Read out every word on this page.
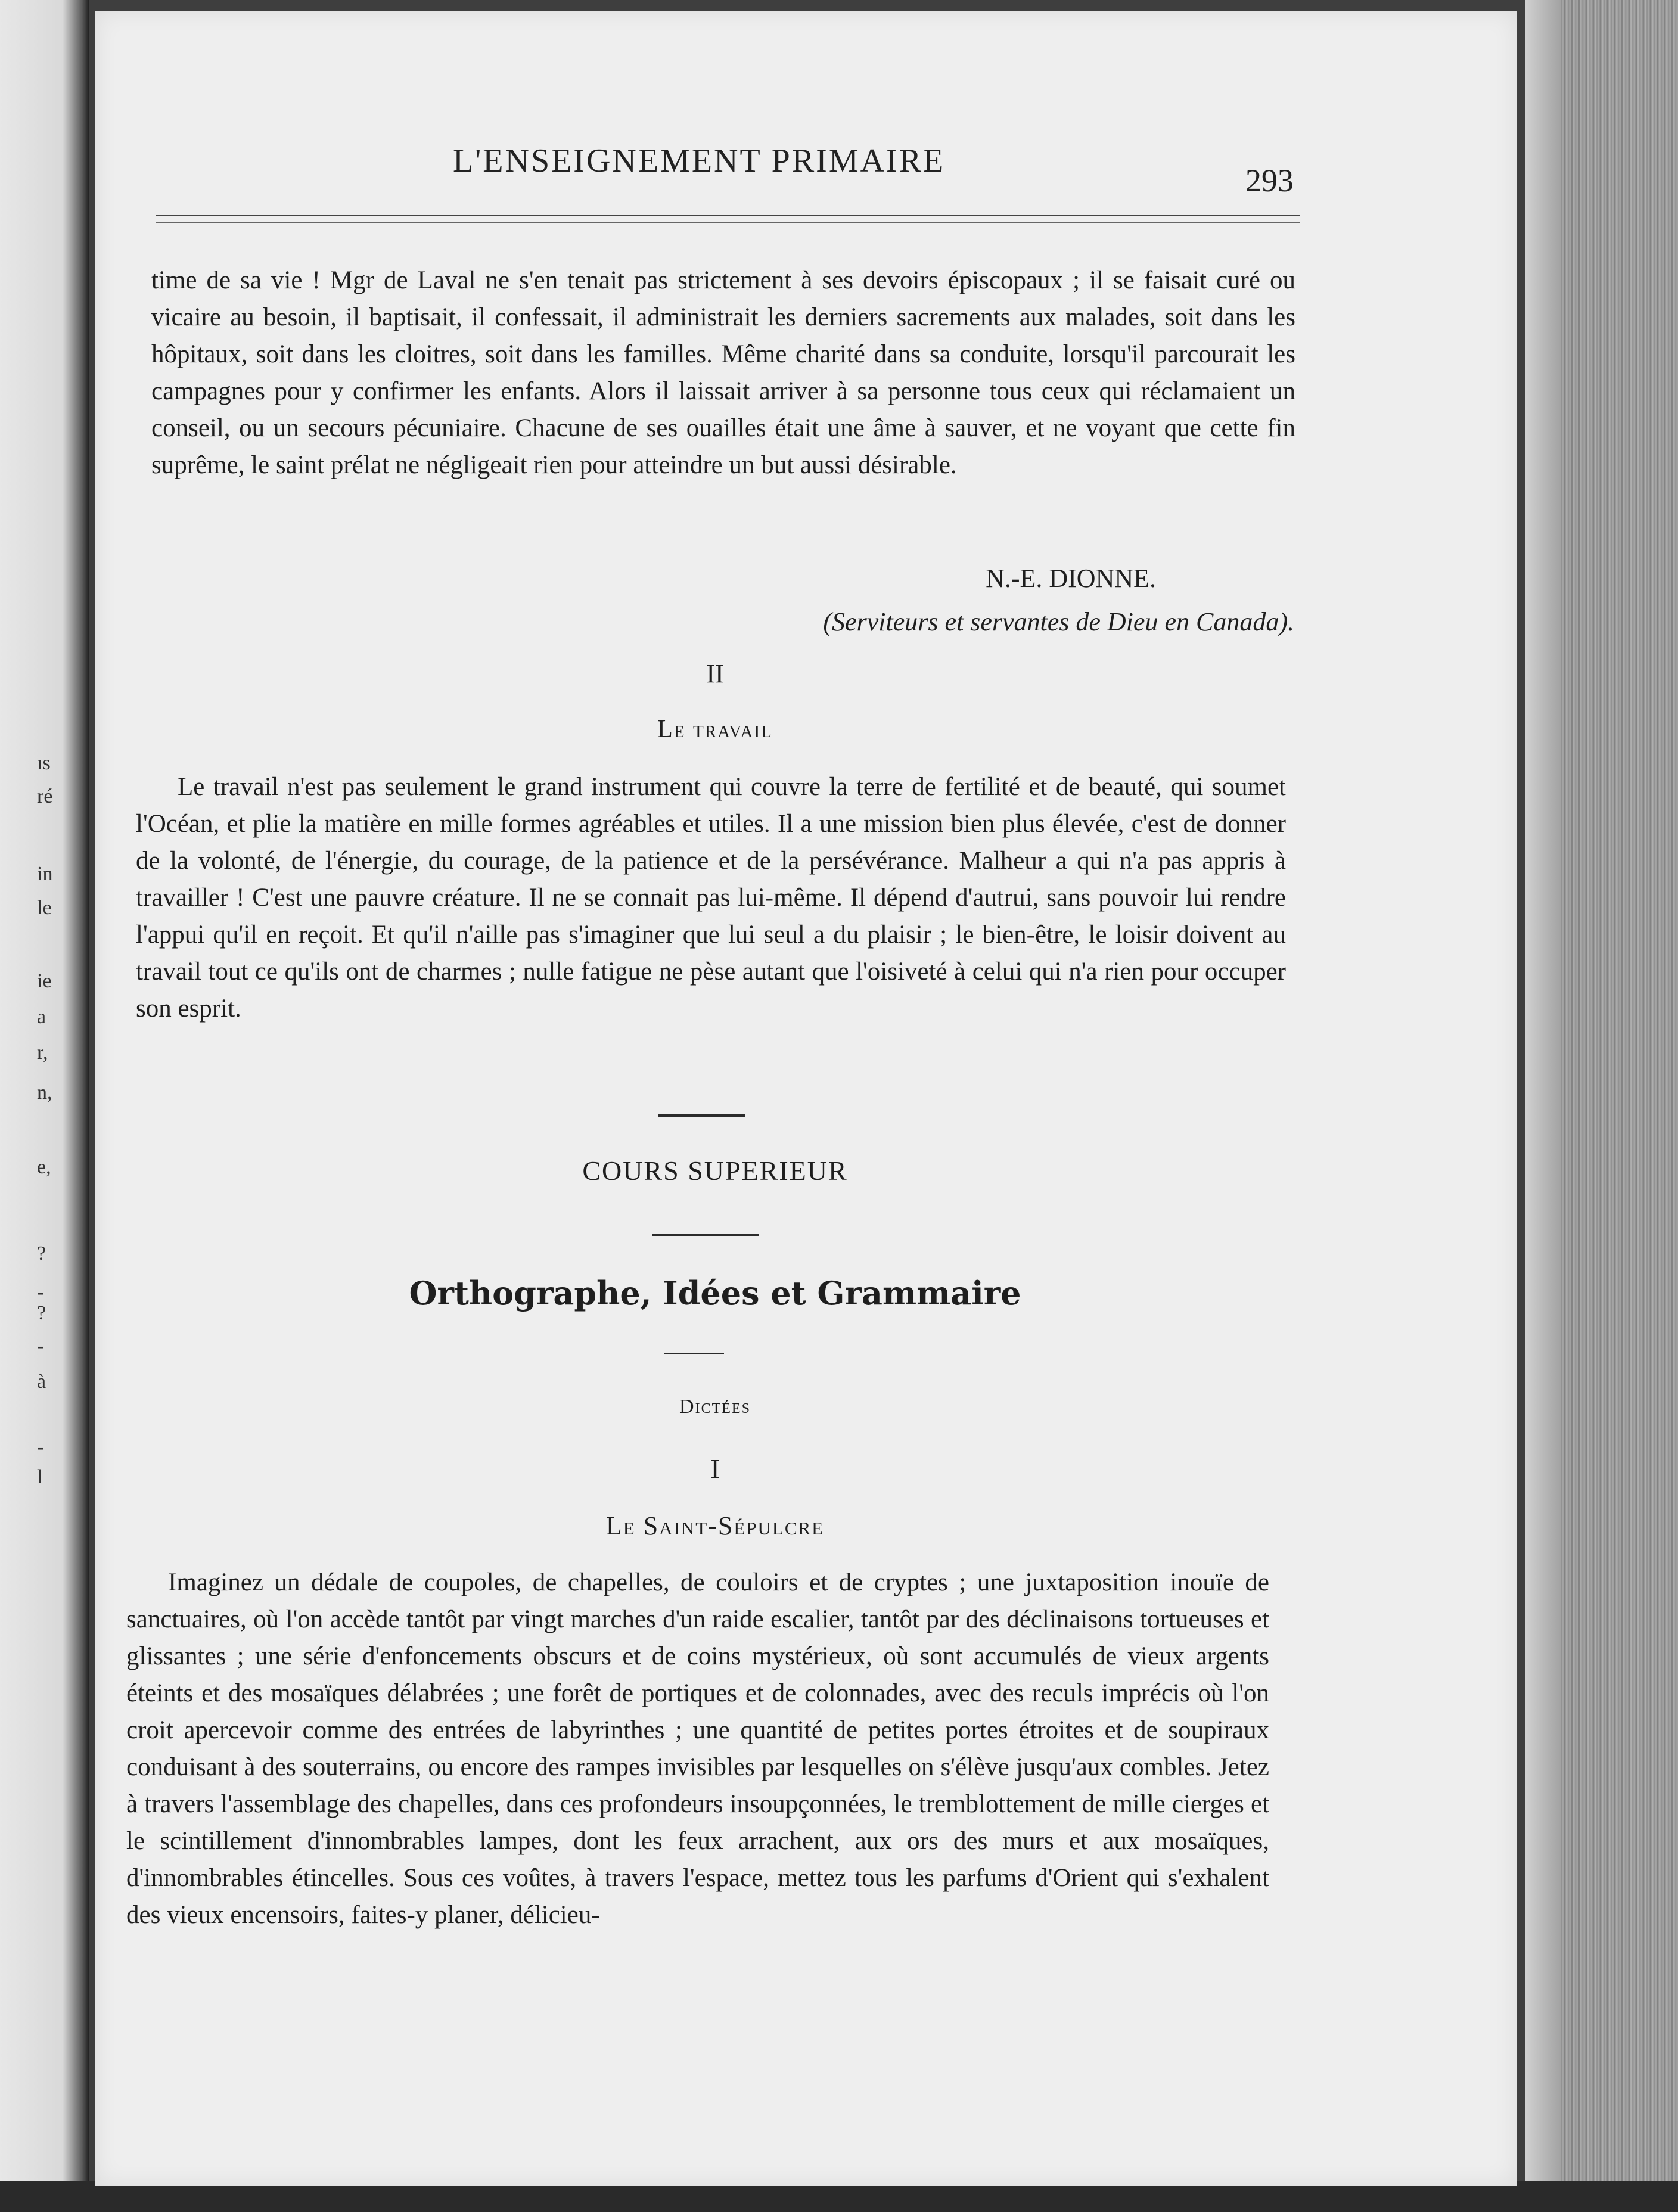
ıs
ré
in
le
ie
a
r,
n,
e,
?
-
?
-
à
-
l
L'ENSEIGNEMENT PRIMAIRE
293
time de sa vie ! Mgr de Laval ne s'en tenait pas strictement à ses devoirs épiscopaux ; il se faisait curé ou vicaire au besoin, il baptisait, il confessait, il administrait les derniers sacrements aux malades, soit dans les hôpitaux, soit dans les cloitres, soit dans les familles. Même charité dans sa conduite, lorsqu'il parcourait les campagnes pour y confirmer les enfants. Alors il laissait arriver à sa personne tous ceux qui réclamaient un conseil, ou un secours pécuniaire. Chacune de ses ouailles était une âme à sauver, et ne voyant que cette fin suprême, le saint prélat ne négligeait rien pour atteindre un but aussi désirable.
N.-E. DIONNE.
(Serviteurs et servantes de Dieu en Canada).
II
Le travail
Le travail n'est pas seulement le grand instrument qui couvre la terre de fertilité et de beauté, qui soumet l'Océan, et plie la matière en mille formes agréables et utiles. Il a une mission bien plus élevée, c'est de donner de la volonté, de l'énergie, du courage, de la patience et de la persévérance. Malheur a qui n'a pas appris à travailler ! C'est une pauvre créature. Il ne se connait pas lui-même. Il dépend d'autrui, sans pouvoir lui rendre l'appui qu'il en reçoit. Et qu'il n'aille pas s'imaginer que lui seul a du plaisir ; le bien-être, le loisir doivent au travail tout ce qu'ils ont de charmes ; nulle fatigue ne pèse autant que l'oisiveté à celui qui n'a rien pour occuper son esprit.
COURS SUPERIEUR
Orthographe, Idées et Grammaire
Dictées
I
Le Saint-Sépulcre
Imaginez un dédale de coupoles, de chapelles, de couloirs et de cryptes ; une juxtaposition inouïe de sanctuaires, où l'on accède tantôt par vingt marches d'un raide escalier, tantôt par des déclinaisons tortueuses et glissantes ; une série d'enfoncements obscurs et de coins mystérieux, où sont accumulés de vieux argents éteints et des mosaïques délabrées ; une forêt de portiques et de colonnades, avec des reculs imprécis où l'on croit apercevoir comme des entrées de labyrinthes ; une quantité de petites portes étroites et de soupiraux conduisant à des souterrains, ou encore des rampes invisibles par lesquelles on s'élève jusqu'aux combles. Jetez à travers l'assemblage des chapelles, dans ces profondeurs insoupçonnées, le tremblottement de mille cierges et le scintillement d'innombrables lampes, dont les feux arrachent, aux ors des murs et aux mosaïques, d'innombrables étincelles. Sous ces voûtes, à travers l'espace, mettez tous les parfums d'Orient qui s'exhalent des vieux encensoirs, faites-y planer, délicieu-
